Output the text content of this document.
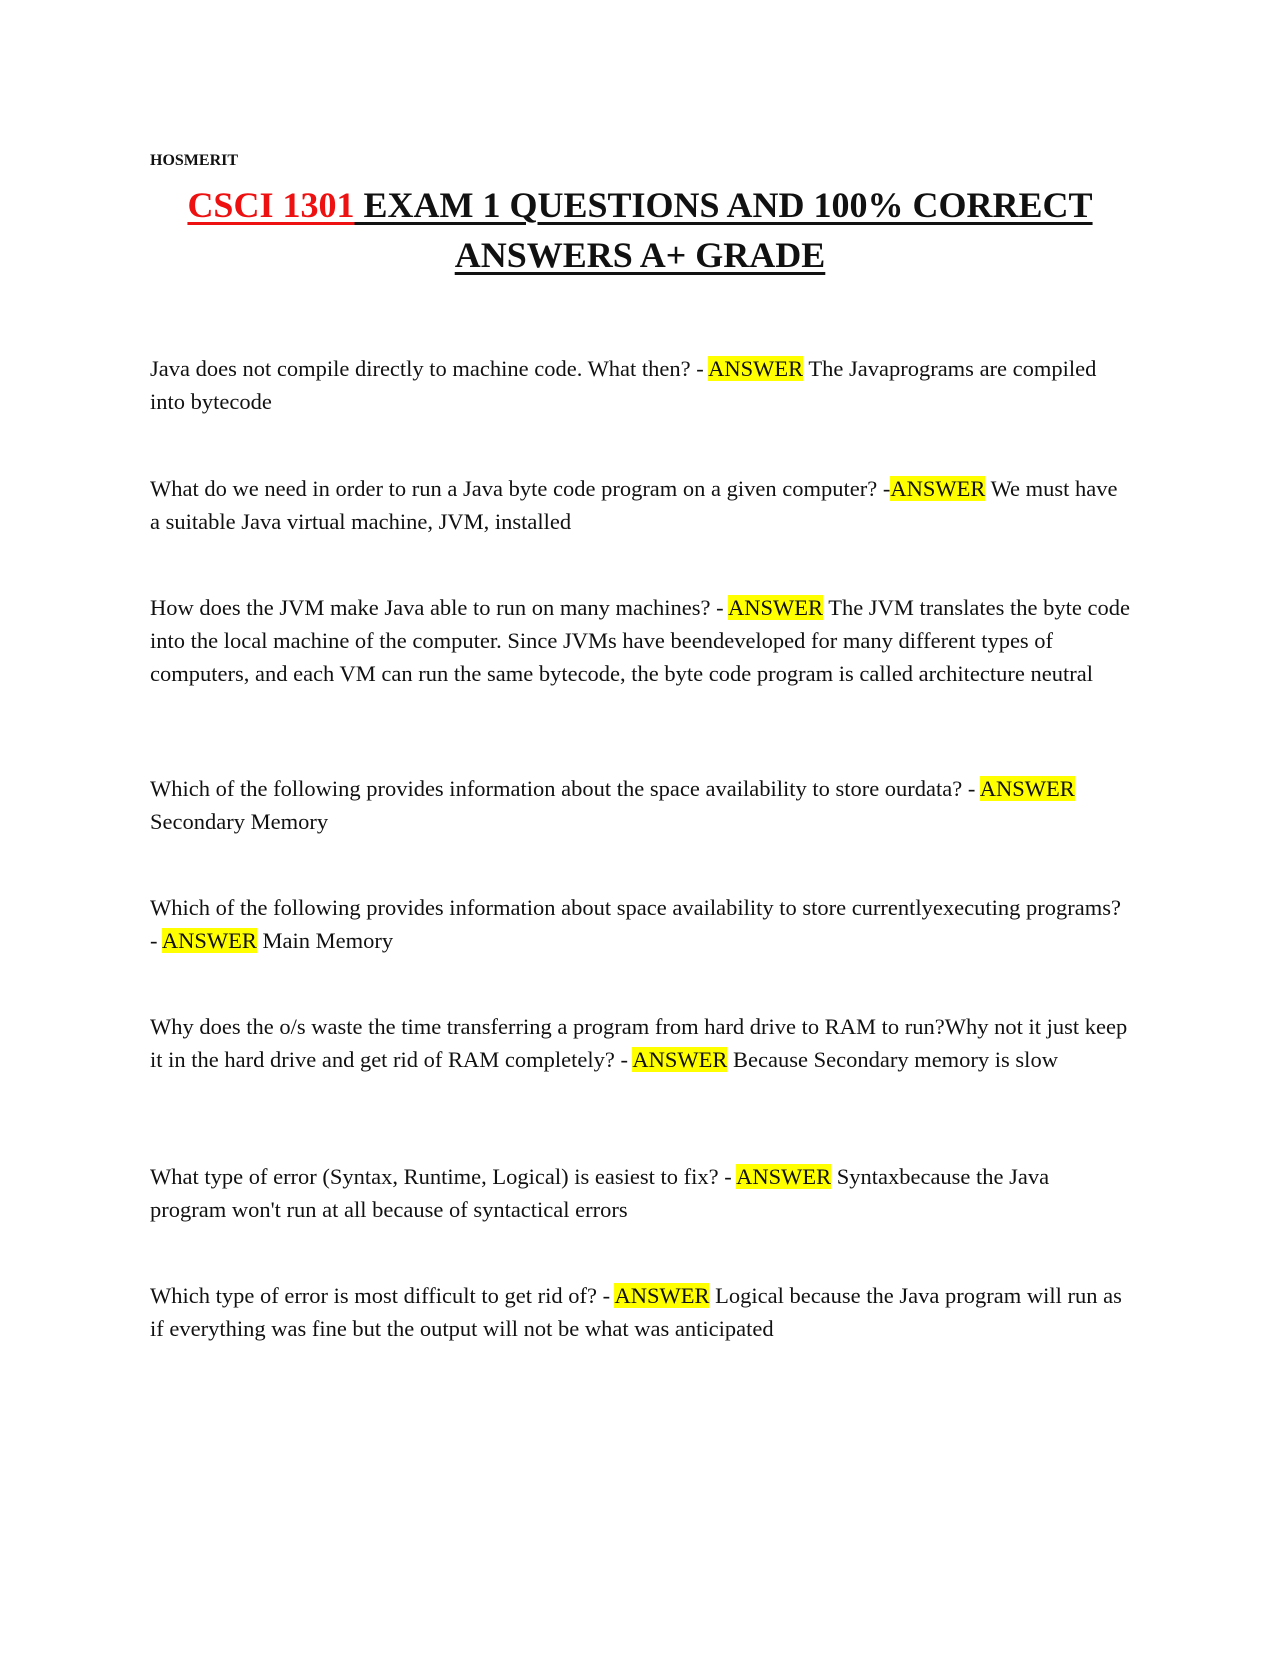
HOSMERIT
CSCI 1301 EXAM 1 QUESTIONS AND 100% CORRECT ANSWERS A+ GRADE
Java does not compile directly to machine code. What then? - ANSWER The Javaprograms are compiled into bytecode
What do we need in order to run a Java byte code program on a given computer? -ANSWER We must have a suitable Java virtual machine, JVM, installed
How does the JVM make Java able to run on many machines? - ANSWER The JVM translates the byte code into the local machine of the computer. Since JVMs have beendeveloped for many different types of computers, and each VM can run the same bytecode, the byte code program is called architecture neutral
Which of the following provides information about the space availability to store ourdata? - ANSWER Secondary Memory
Which of the following provides information about space availability to store currentlyexecuting programs? - ANSWER Main Memory
Why does the o/s waste the time transferring a program from hard drive to RAM to run?Why not it just keep it in the hard drive and get rid of RAM completely? - ANSWER Because Secondary memory is slow
What type of error (Syntax, Runtime, Logical) is easiest to fix? - ANSWER Syntaxbecause the Java program won't run at all because of syntactical errors
Which type of error is most difficult to get rid of? - ANSWER Logical because the Java program will run as if everything was fine but the output will not be what was anticipated
